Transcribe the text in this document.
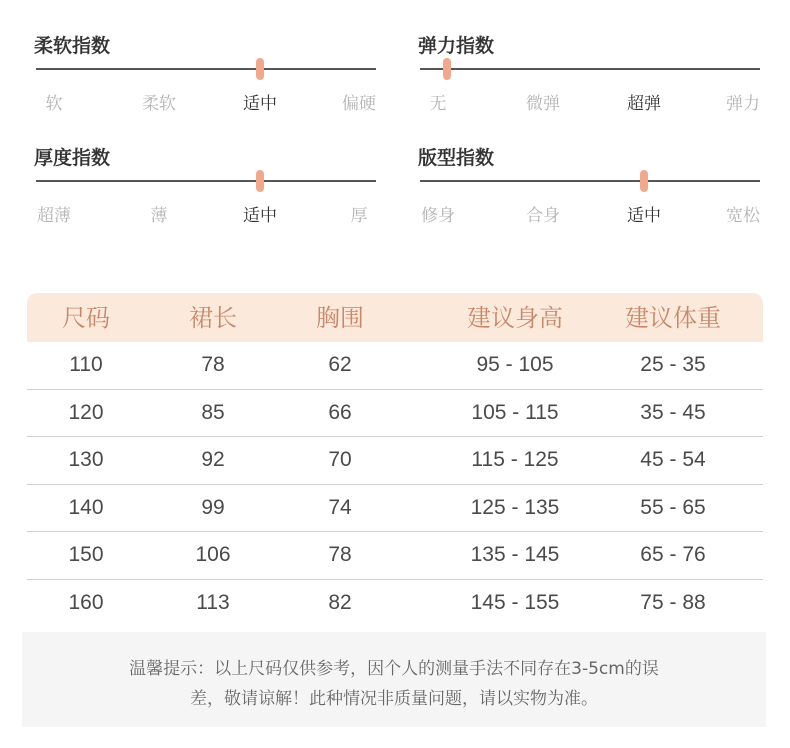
柔软指数
软	柔软	适中	偏硬
弹力指数
无	微弹	超弹	弹力
厚度指数
超薄	薄	适中	厚
版型指数
修身	合身	适中	宽松
尺码	裙长	胸围	建议身高	建议体重
110	78	62	95 - 105	25 - 35
120	85	66	105 - 115	35 - 45
130	92	70	115 - 125	45 - 54
140	99	74	125 - 135	55 - 65
150	106	78	135 - 145	65 - 76
160	113	82	145 - 155	75 - 88
温馨提示：以上尺码仅供参考，因个人的测量手法不同存在3-5cm的误
差，敬请谅解！此种情况非质量问题，请以实物为准。
